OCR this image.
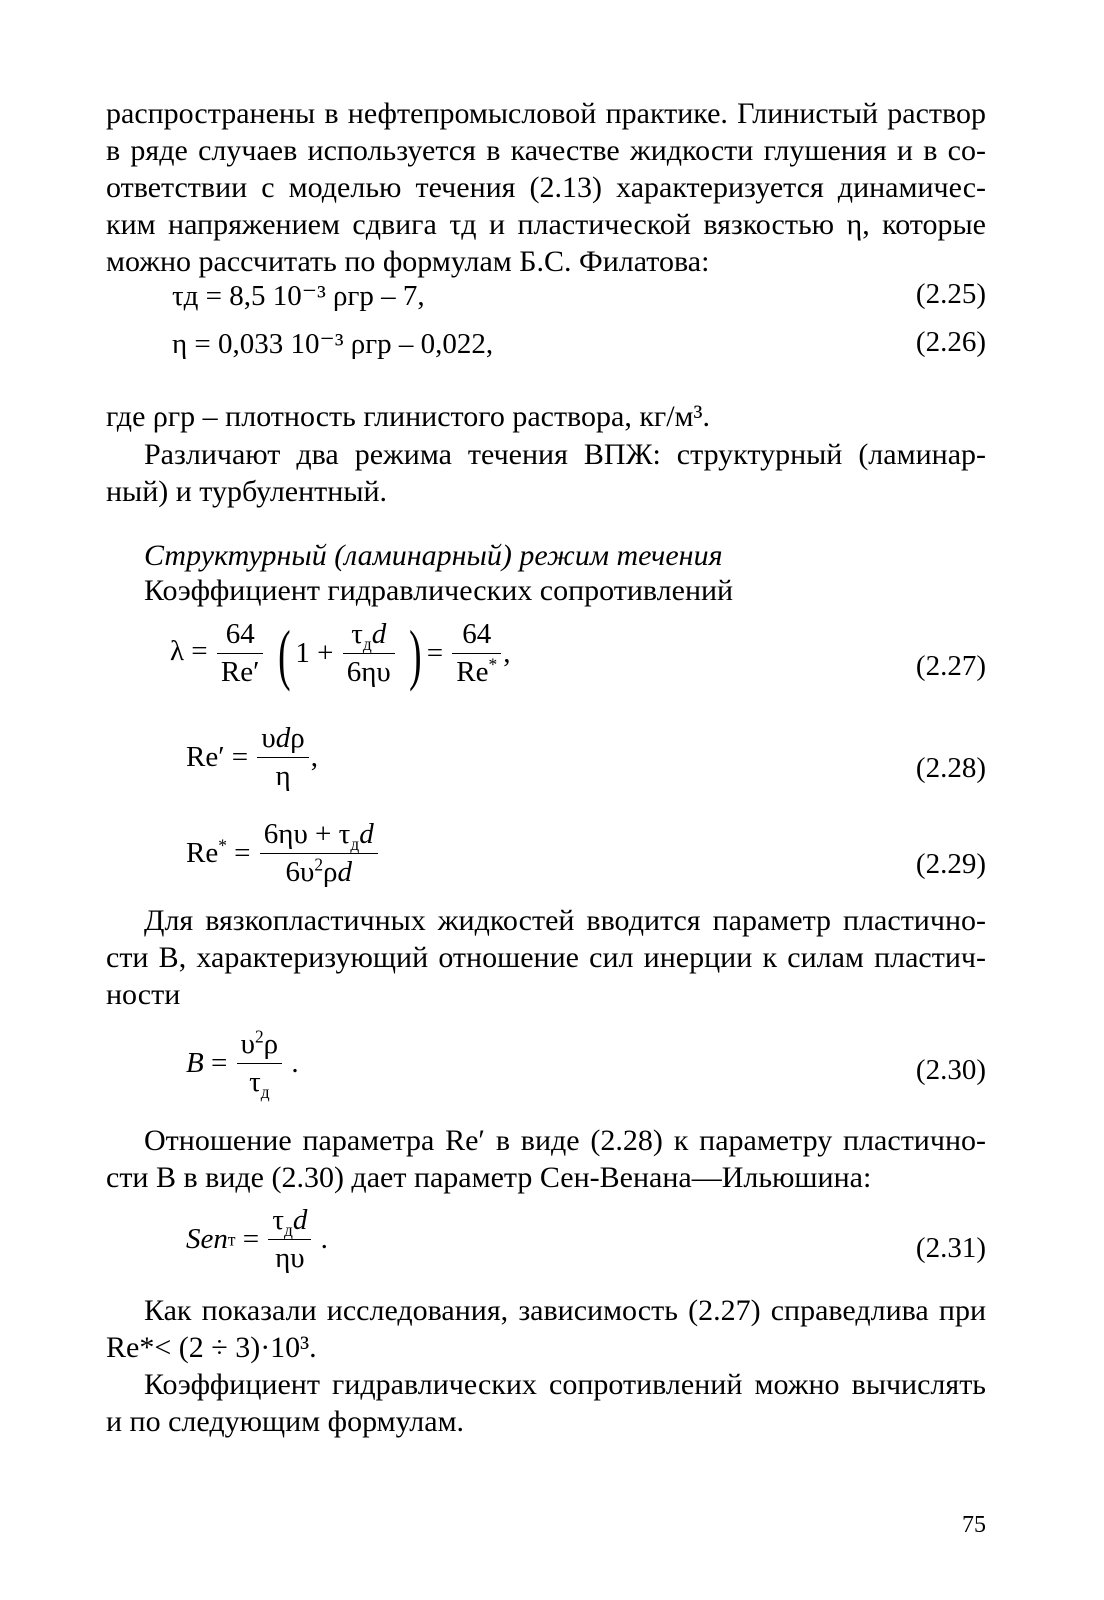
распространены в нефтепромысловой практике. Глинистый раствор
в ряде случаев используется в качестве жидкости глушения и в со-
ответствии с моделью течения (2.13) характеризуется динамичес-
ким напряжением сдвига τд и пластической вязкостью η, которые
можно рассчитать по формулам Б.С. Филатова:
τд = 8,5 10⁻³ ρгр – 7,	(2.25)
η = 0,033 10⁻³ ρгр – 0,022,	(2.26)
где ρгр – плотность глинистого раствора, кг/м³.
Различают два режима течения ВПЖ: структурный (ламинар-
ный) и турбулентный.
Структурный (ламинарный) режим течения
Коэффициент гидравлических сопротивлений
$\lambda = \frac{64}{Re'}$ ( $1 + \frac{\tau_дd}{6\eta\upsilon}$ ) = $\frac{64}{Re^*}$ ,	(2.27)
$Re' = \frac{\text{υdρ}}{\eta}$ ,	(2.28)
$Re^* = \frac{6\eta\upsilon + \tau_дd}{6\upsilon^2\rho d}$	(2.29)
Для вязкопластичных жидкостей вводится параметр пластично-
сти B, характеризующий отношение сил инерции к силам пластич-
ности
$B = \frac{\upsilon^2\rho}{\tau_д}$ .	(2.30)
Отношение параметра Re′ в виде (2.28) к параметру пластично-
сти B в виде (2.30) дает параметр Сен-Венана—Ильюшина:
Senт = $\frac{\tau_дd}{\eta\upsilon}$ .	(2.31)
Как показали исследования, зависимость (2.27) справедлива при
Re*< (2 ÷ 3)·10³.
Коэффициент гидравлических сопротивлений можно вычислять
и по следующим формулам.
75
